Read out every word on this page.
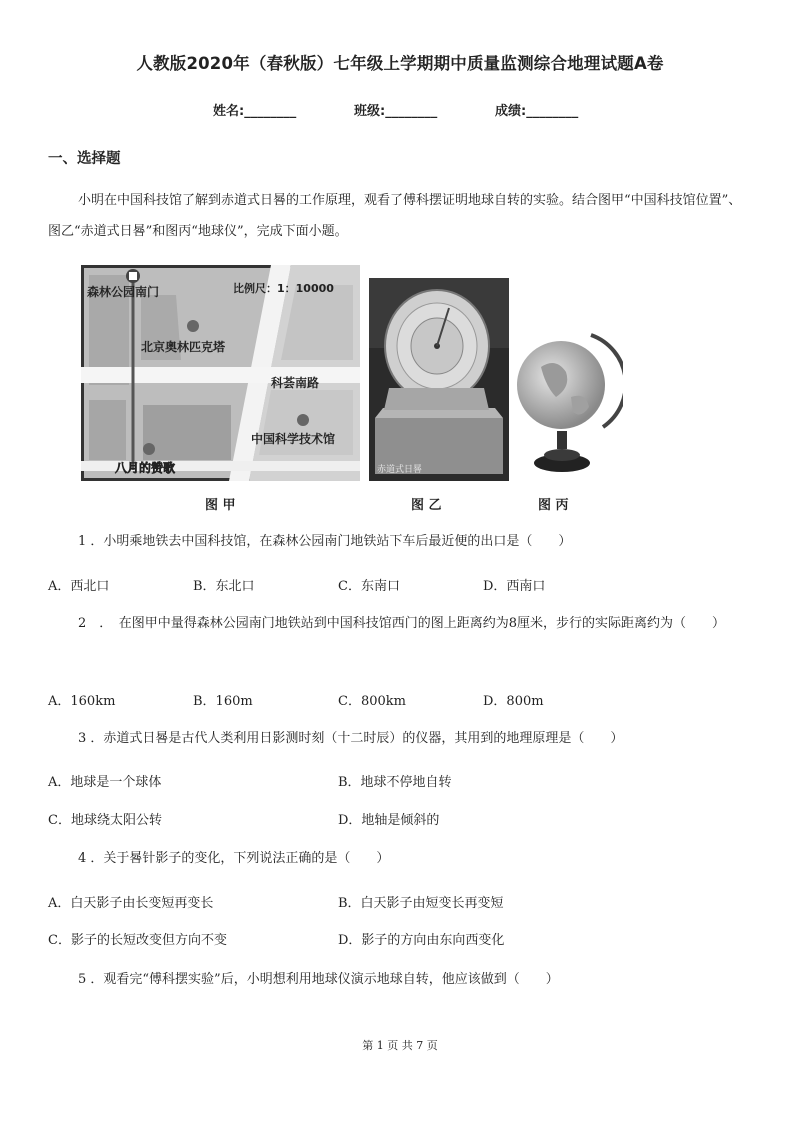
人教版2020年（春秋版）七年级上学期期中质量监测综合地理试题A卷
姓名:________	班级:________	成绩:________
一、选择题
小明在中国科技馆了解到赤道式日晷的工作原理，观看了傅科摆证明地球自转的实验。结合图甲“中国科技馆位置”、图乙“赤道式日晷”和图丙“地球仪”，完成下面小题。
森林公园南门	比例尺：1：10000
北京奥林匹克塔
科荟南路
中国科学技术馆
八月的赞歌	赤道式日晷
图 甲	图 乙	图 丙
1 ．小明乘地铁去中国科技馆，在森林公园南门地铁站下车后最近便的出口是（　　）
A．西北口	B．东北口	C．东南口	D．西南口
2　．　在图甲中量得森林公园南门地铁站到中国科技馆西门的图上距离约为8厘米，步行的实际距离约为（　　）
A．160km	B．160m	C．800km	D．800m
3 ．赤道式日晷是古代人类利用日影测时刻（十二时辰）的仪器，其用到的地理原理是（　　）
A．地球是一个球体	B．地球不停地自转
C．地球绕太阳公转	D．地轴是倾斜的
4 ．关于晷针影子的变化，下列说法正确的是（　　）
A．白天影子由长变短再变长	B．白天影子由短变长再变短
C．影子的长短改变但方向不变	D．影子的方向由东向西变化
5 ．观看完“傅科摆实验”后，小明想利用地球仪演示地球自转，他应该做到（　　）
第 1 页 共 7 页
